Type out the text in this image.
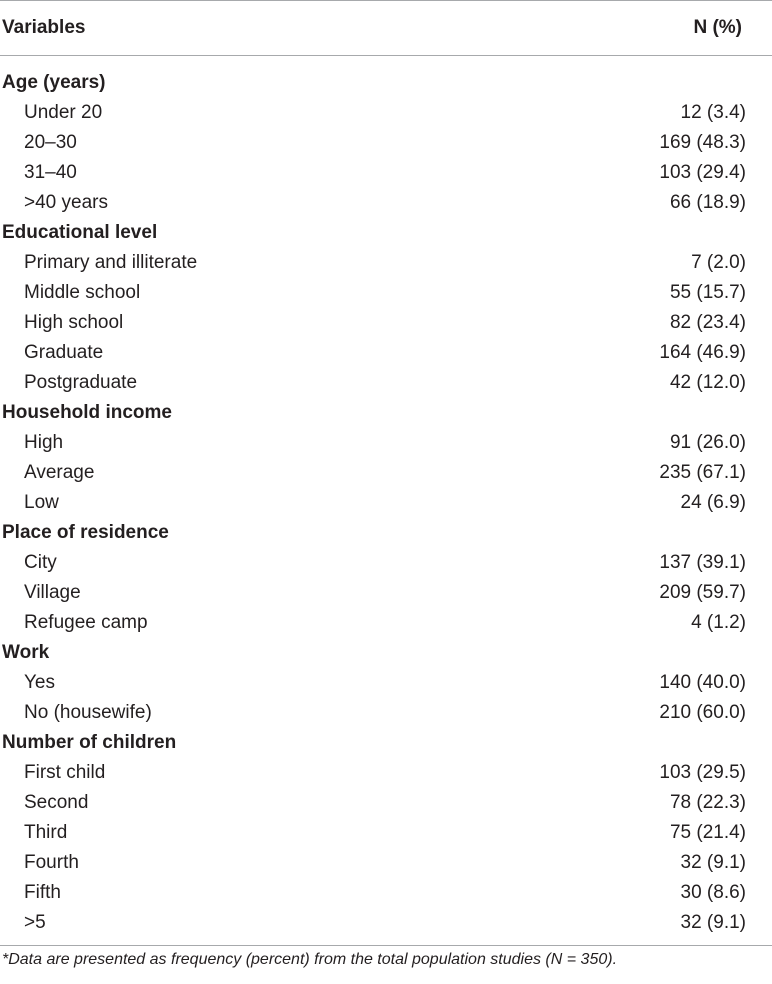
Variables	N (%)
Age (years)
Under 20	12 (3.4)
20–30	169 (48.3)
31–40	103 (29.4)
>40 years	66 (18.9)
Educational level
Primary and illiterate	7 (2.0)
Middle school	55 (15.7)
High school	82 (23.4)
Graduate	164 (46.9)
Postgraduate	42 (12.0)
Household income
High	91 (26.0)
Average	235 (67.1)
Low	24 (6.9)
Place of residence
City	137 (39.1)
Village	209 (59.7)
Refugee camp	4 (1.2)
Work
Yes	140 (40.0)
No (housewife)	210 (60.0)
Number of children
First child	103 (29.5)
Second	78 (22.3)
Third	75 (21.4)
Fourth	32 (9.1)
Fifth	30 (8.6)
>5	32 (9.1)
*Data are presented as frequency (percent) from the total population studies (N = 350).
